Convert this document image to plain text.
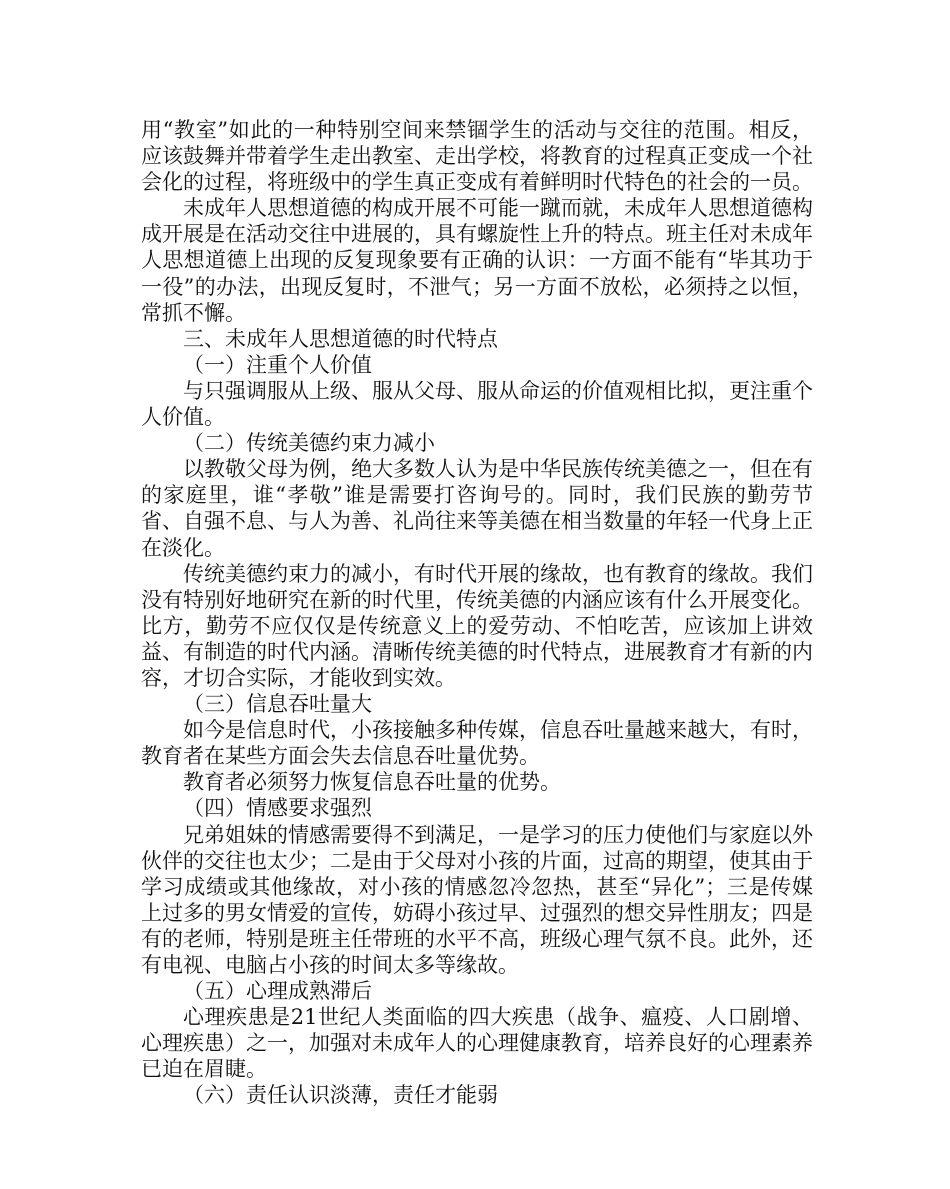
用“教室”如此的一种特别空间来禁锢学生的活动与交往的范围。相反，应该鼓舞并带着学生走出教室、走出学校，将教育的过程真正变成一个社会化的过程，将班级中的学生真正变成有着鲜明时代特色的社会的一员。

未成年人思想道德的构成开展不可能一蹴而就，未成年人思想道德构成开展是在活动交往中进展的，具有螺旋性上升的特点。班主任对未成年人思想道德上出现的反复现象要有正确的认识：一方面不能有“毕其功于一役”的办法，出现反复时，不泄气；另一方面不放松，必须持之以恒，常抓不懈。

三、未成年人思想道德的时代特点

（一）注重个人价值

与只强调服从上级、服从父母、服从命运的价值观相比拟，更注重个人价值。

（二）传统美德约束力减小

以教敬父母为例，绝大多数人认为是中华民族传统美德之一，但在有的家庭里，谁“孝敬”谁是需要打咨询号的。同时，我们民族的勤劳节省、自强不息、与人为善、礼尚往来等美德在相当数量的年轻一代身上正在淡化。

传统美德约束力的减小，有时代开展的缘故，也有教育的缘故。我们没有特别好地研究在新的时代里，传统美德的内涵应该有什么开展变化。比方，勤劳不应仅仅是传统意义上的爱劳动、不怕吃苦，应该加上讲效益、有制造的时代内涵。清晰传统美德的时代特点，进展教育才有新的内容，才切合实际，才能收到实效。

（三）信息吞吐量大

如今是信息时代，小孩接触多种传媒，信息吞吐量越来越大，有时，教育者在某些方面会失去信息吞吐量优势。

教育者必须努力恢复信息吞吐量的优势。

（四）情感要求强烈

兄弟姐妹的情感需要得不到满足，一是学习的压力使他们与家庭以外伙伴的交往也太少；二是由于父母对小孩的片面，过高的期望，使其由于学习成绩或其他缘故，对小孩的情感忽冷忽热，甚至“异化”；三是传媒上过多的男女情爱的宣传，妨碍小孩过早、过强烈的想交异性朋友；四是有的老师，特别是班主任带班的水平不高，班级心理气氛不良。此外，还有电视、电脑占小孩的时间太多等缘故。

（五）心理成熟滞后

心理疾患是21世纪人类面临的四大疾患（战争、瘟疫、人口剧增、心理疾患）之一，加强对未成年人的心理健康教育，培养良好的心理素养已迫在眉睫。

（六）责任认识淡薄，责任才能弱
